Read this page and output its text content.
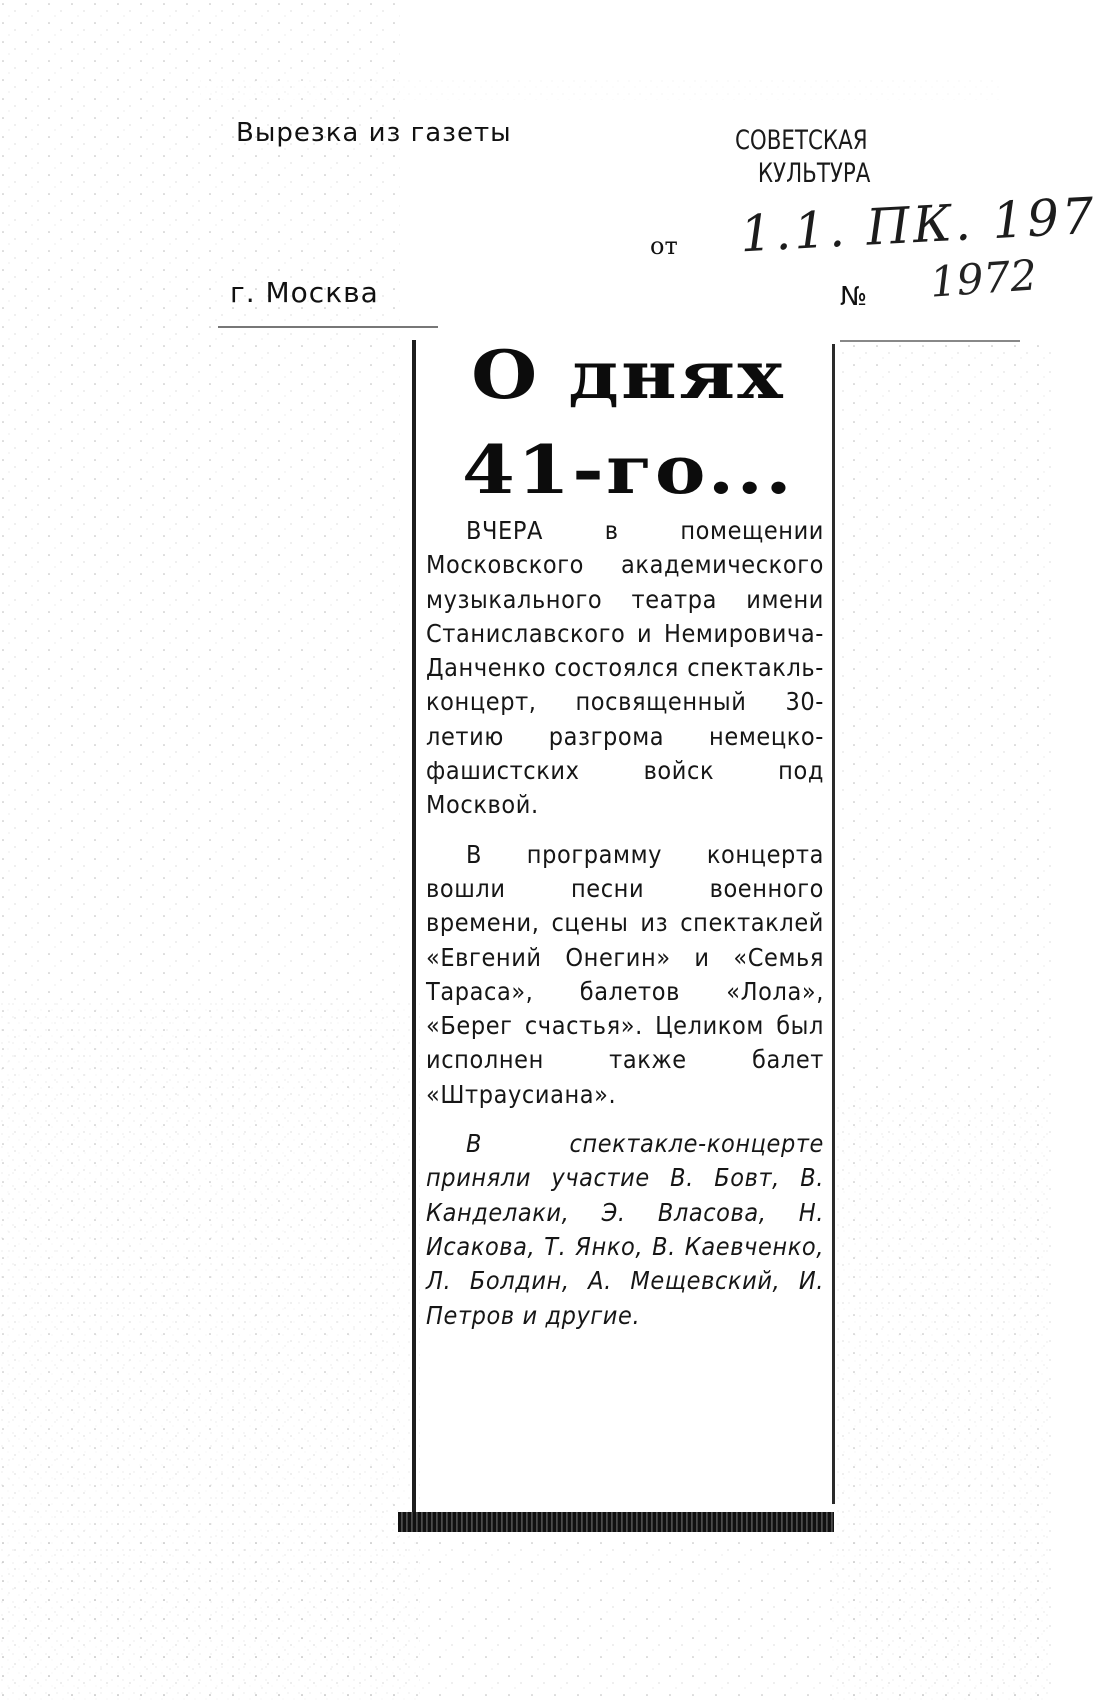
Вырезка из газеты
г. Москва
СОВЕТСКАЯ
КУЛЬТУРА
от 1.1. ПК. 197
№ 1972
О днях
41-го...

ВЧЕРА в помещении Московского академического музыкального театра имени Станиславского и Немировича-Данченко состоялся спектакль-концерт, посвященный 30-летию разгрома немецко-фашистских войск под Москвой.

В программу концерта вошли песни военного времени, сцены из спектаклей «Евгений Онегин» и «Семья Тараса», балетов «Лола», «Берег счастья». Целиком был исполнен также балет «Штраусиана».

В спектакле-концерте приняли участие В. Бовт, В. Канделаки, Э. Власова, Н. Исакова, Т. Янко, В. Каевченко, Л. Болдин, А. Мещевский, И. Петров и другие.
